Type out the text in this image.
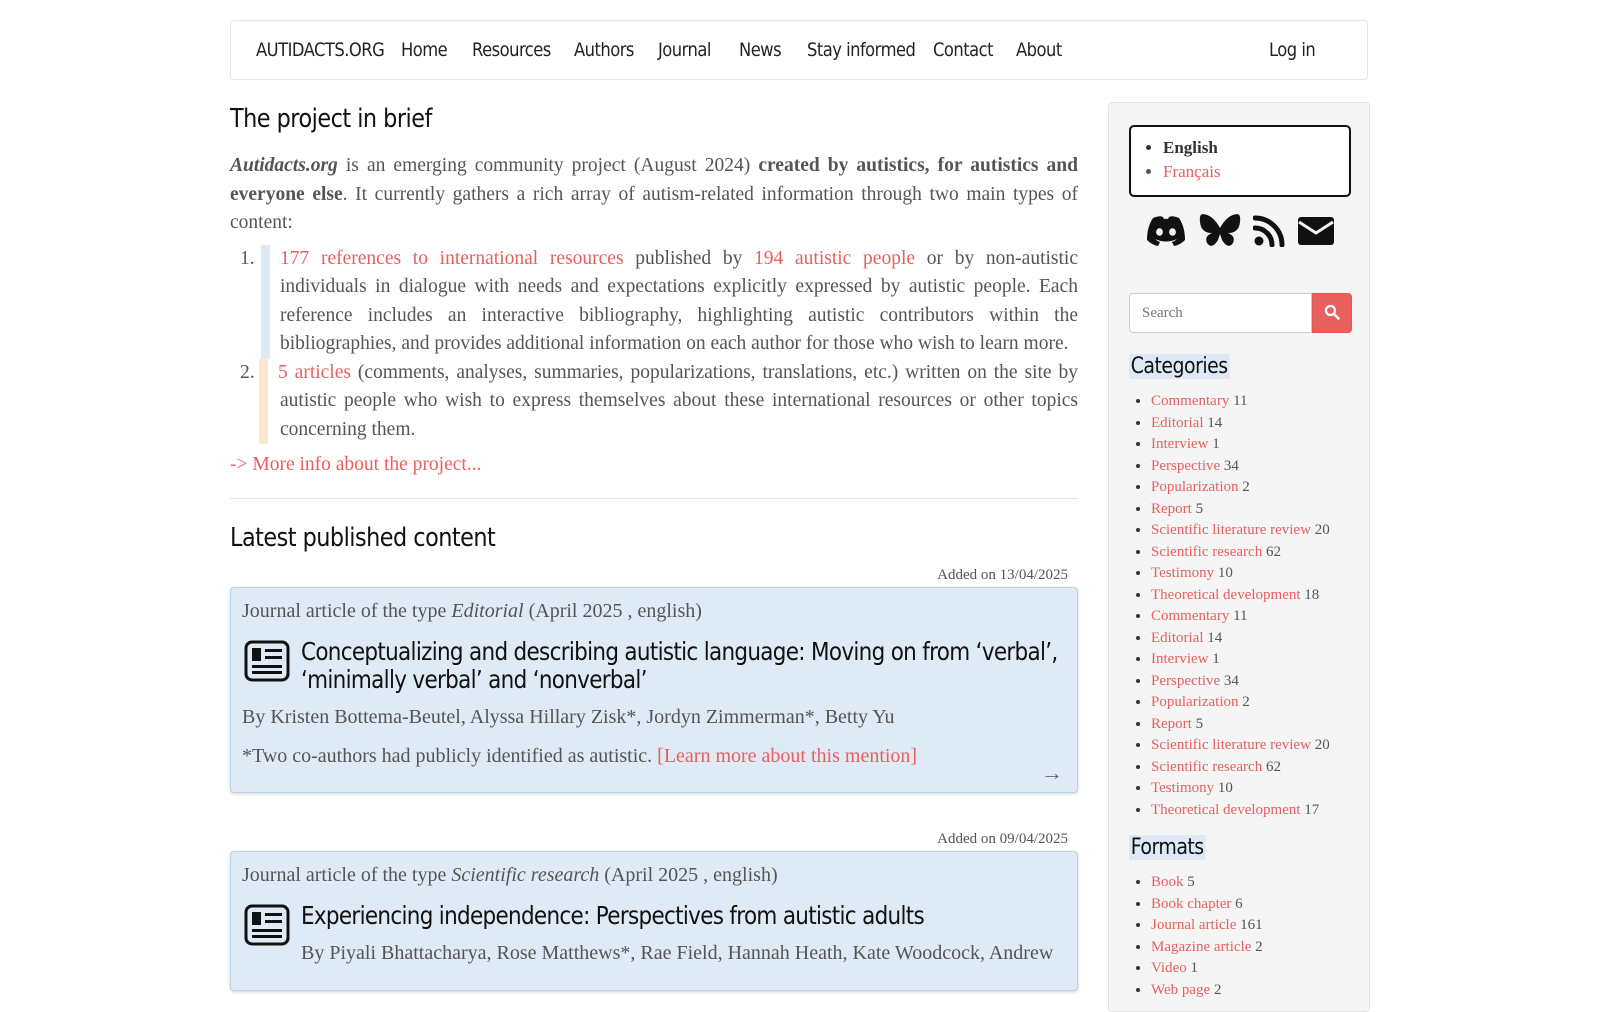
AUTIDACTS.ORG Home Resources Authors Journal News Stay informed Contact About	Log in
The project in brief

Autidacts.org is an emerging community project (August 2024) created by autistics, for autistics and everyone else. It currently gathers a rich array of autism-related information through two main types of content:

1. 177 references to international resources published by 194 autistic people or by non-autistic individuals in dialogue with needs and expectations explicitly expressed by autistic people. Each reference includes an interactive bibliography, highlighting autistic contributors within the bibliographies, and provides additional information on each author for those who wish to learn more.
2. 5 articles (comments, analyses, summaries, popularizations, translations, etc.) written on the site by autistic people who wish to express themselves about these international resources or other topics concerning them.
-> More info about the project...
Latest published content
Added on 13/04/2025
Journal article of the type Editorial (April 2025 , english)
Conceptualizing and describing autistic language: Moving on from ‘verbal’,
‘minimally verbal’ and ‘nonverbal’
By Kristen Bottema-Beutel, Alyssa Hillary Zisk*, Jordyn Zimmerman*, Betty Yu
*Two co-authors had publicly identified as autistic. [Learn more about this mention]
→
Added on 09/04/2025
Journal article of the type Scientific research (April 2025 , english)
Experiencing independence: Perspectives from autistic adults
By Piyali Bhattacharya, Rose Matthews*, Rae Field, Hannah Heath, Kate Woodcock, Andrew
• English
• Français

Search
Categories
• Commentary 11
• Editorial 14
• Interview 1
• Perspective 34
• Popularization 2
• Report 5
• Scientific literature review 20
• Scientific research 62
• Testimony 10
• Theoretical development 18
• Commentary 11
• Editorial 14
• Interview 1
• Perspective 34
• Popularization 2
• Report 5
• Scientific literature review 20
• Scientific research 62
• Testimony 10
• Theoretical development 17
Formats
• Book 5
• Book chapter 6
• Journal article 161
• Magazine article 2
• Video 1
• Web page 2
